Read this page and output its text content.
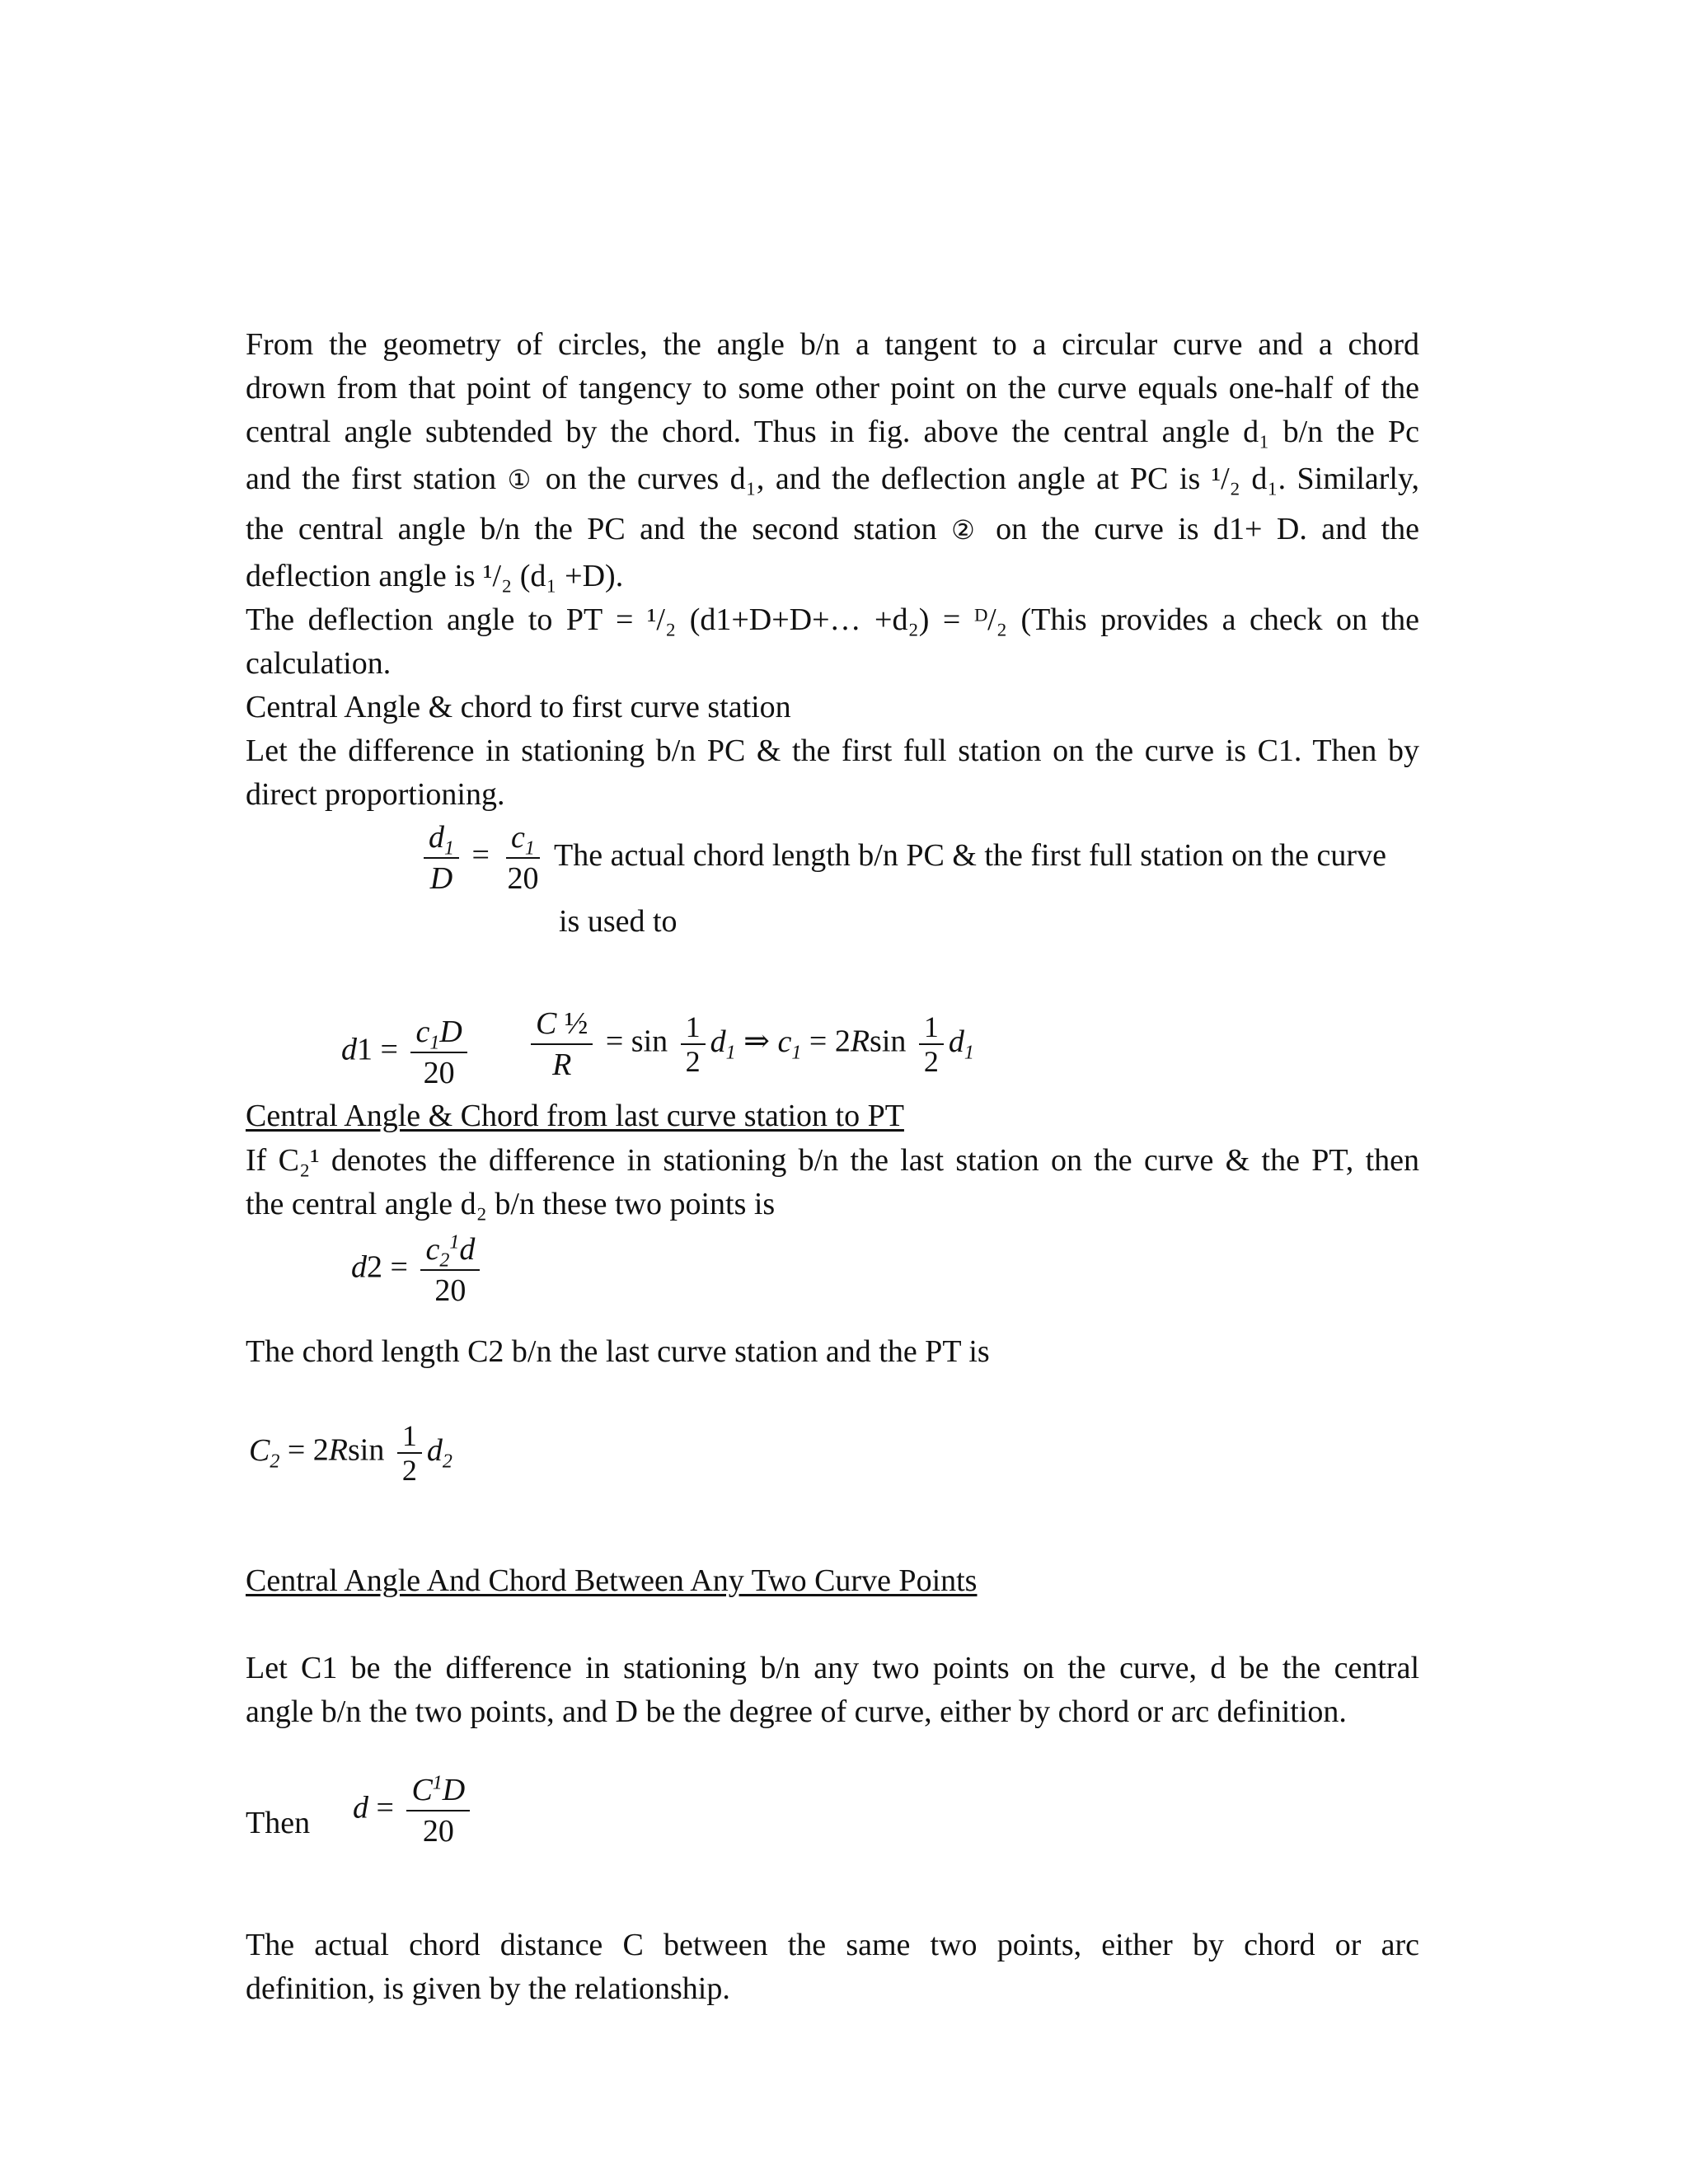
From the geometry of circles, the angle b/n a tangent to a circular curve and a chord

drown from that point of tangency to some other point on the curve equals one-half of the

central angle subtended by the chord. Thus in fig. above the central angle d₁ b/n the Pc

and the first station ① on the curves d₁, and the deflection angle at PC is ¹/₂ d₁. Similarly,

the central angle b/n the PC and the second station ② on the curve is d1+ D. and the

deflection angle is ¹/₂ (d₁ +D).

The deflection angle to PT = ¹/₂ (d1+D+D+… +d₂) = ᴰ/₂ (This provides a check on the

calculation.

Central Angle & chord to first curve station

Let the difference in stationing b/n PC & the first full station on the curve is C1. Then by

direct proportioning.

$\frac{d_1}{D} = \frac{c_1}{20}$ The actual chord length b/n PC & the first full station on the curve
is used to
$d1 = \frac{c_1D}{20} \frac{\text{C ½}}{R} = \sin \frac{1}{2} d_1$ ⇒ $c_1 = 2Rsin \frac{1}{2} d_1$

Central Angle & Chord from last curve station to PT

If C₂¹ denotes the difference in stationing b/n the last station on the curve & the PT, then

the central angle d₂ b/n these two points is

$d2 = \frac{c_2^1d}{20}$
The chord length C2 b/n the last curve station and the PT is
$C_2 = 2Rsin \frac{1}{2} d_2$

Central Angle And Chord Between Any Two Curve Points

Let C1 be the difference in stationing b/n any two points on the curve, d be the central

angle b/n the two points, and D be the degree of curve, either by chord or arc definition.

Then $d = \frac{C^1D}{20}$

The actual chord distance C between the same two points, either by chord or arc

definition, is given by the relationship.
